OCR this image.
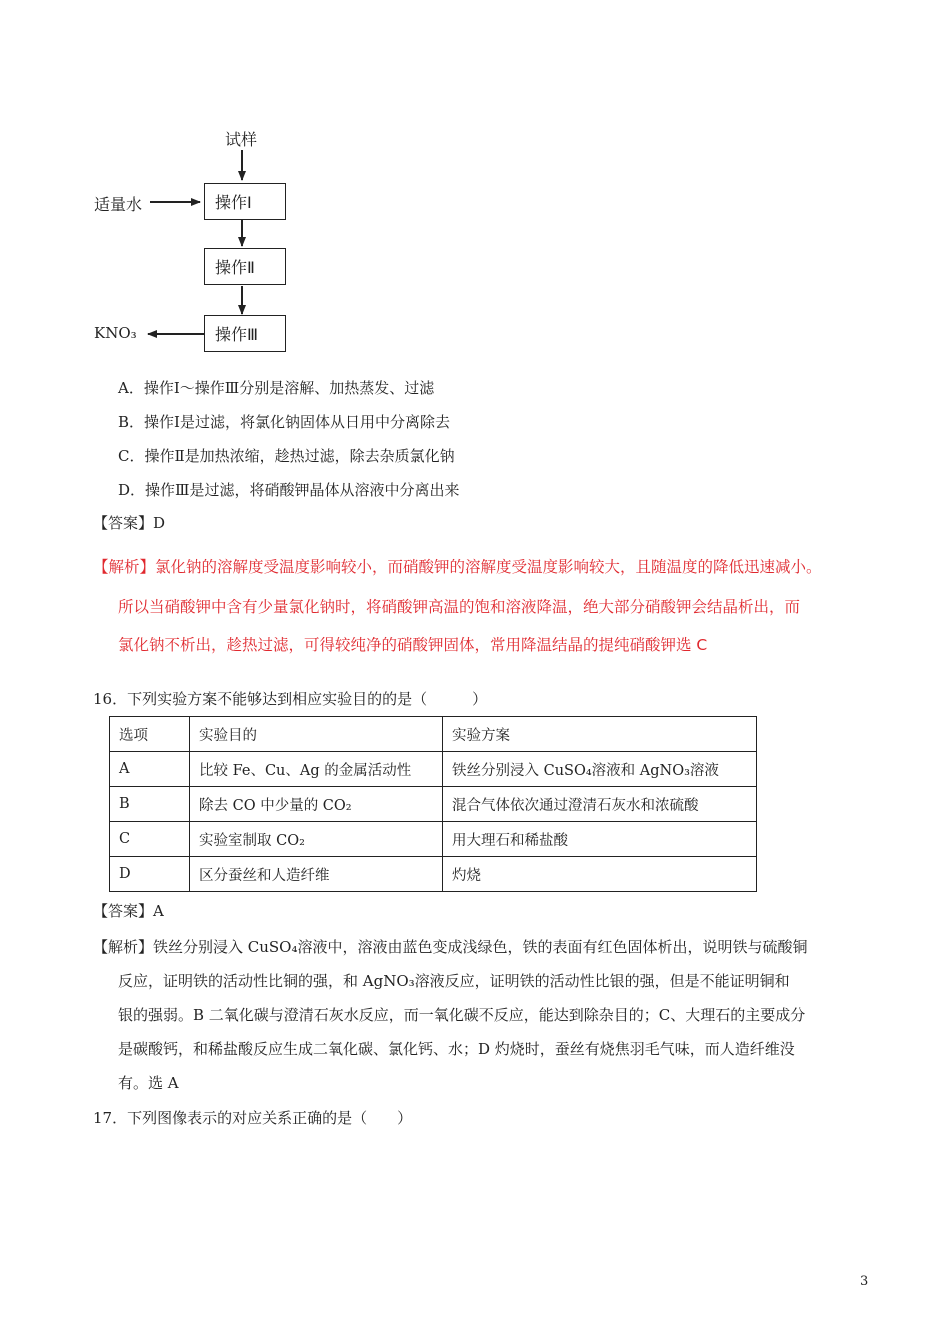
试样
适量水	操作Ⅰ
操作Ⅱ
操作Ⅲ
KNO₃
A．操作Ⅰ～操作Ⅲ分别是溶解、加热蒸发、过滤
B．操作Ⅰ是过滤，将氯化钠固体从日用中分离除去
C．操作Ⅱ是加热浓缩，趁热过滤，除去杂质氯化钠
D．操作Ⅲ是过滤，将硝酸钾晶体从溶液中分离出来
【答案】D
【解析】氯化钠的溶解度受温度影响较小，而硝酸钾的溶解度受温度影响较大，且随温度的降低迅速减小。
所以当硝酸钾中含有少量氯化钠时，将硝酸钾高温的饱和溶液降温，绝大部分硝酸钾会结晶析出，而
氯化钠不析出，趁热过滤，可得较纯净的硝酸钾固体，常用降温结晶的提纯硝酸钾选 C
16．下列实验方案不能够达到相应实验目的的是（　　　）
选项	实验目的	实验方案
A	比较 Fe、Cu、Ag 的金属活动性	铁丝分别浸入 CuSO₄溶液和 AgNO₃溶液
B	除去 CO 中少量的 CO₂	混合气体依次通过澄清石灰水和浓硫酸
C	实验室制取 CO₂	用大理石和稀盐酸
D	区分蚕丝和人造纤维	灼烧
【答案】A
【解析】铁丝分别浸入 CuSO₄溶液中，溶液由蓝色变成浅绿色，铁的表面有红色固体析出，说明铁与硫酸铜
反应，证明铁的活动性比铜的强，和 AgNO₃溶液反应，证明铁的活动性比银的强，但是不能证明铜和
银的强弱。B 二氧化碳与澄清石灰水反应，而一氧化碳不反应，能达到除杂目的；C、大理石的主要成分
是碳酸钙，和稀盐酸反应生成二氧化碳、氯化钙、水；D 灼烧时，蚕丝有烧焦羽毛气味，而人造纤维没
有。选 A
17．下列图像表示的对应关系正确的是（　　）
3
